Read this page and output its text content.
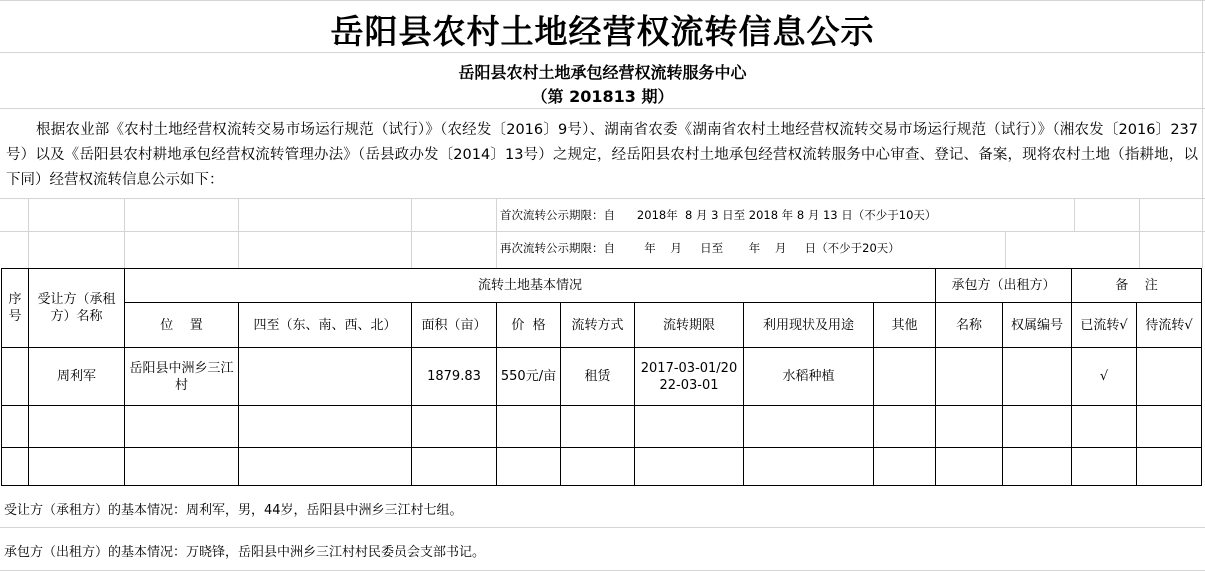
岳阳县农村土地经营权流转信息公示
岳阳县农村土地承包经营权流转服务中心
（第 201813 期）
根据农业部《农村土地经营权流转交易市场运行规范（试行）》（农经发〔2016〕9号）、湖南省农委《湖南省农村土地经营权流转交易市场运行规范（试行）》（湘农发〔2016〕237号）以及《岳阳县农村耕地承包经营权流转管理办法》（岳县政办发〔2014〕13号）之规定，经岳阳县农村土地承包经营权流转服务中心审查、登记、备案，现将农村土地（指耕地，以下同）经营权流转信息公示如下：
首次流转公示期限：自      2018年  8 月 3 日至 2018 年 8 月 13 日（不少于10天）
再次流转公示期限：自        年    月     日至       年    月     日（不少于20天）
序号	受让方（承租方）名称	流转土地基本情况								承包方（出租方）		备    注	
		位    置	四至（东、南、西、北）	面积（亩）	价  格	流转方式	流转期限	利用现状及用途	其他	名称	权属编号	已流转√	待流转√
	周利军	岳阳县中洲乡三江村		1879.83	550元/亩	租赁	2017-03-01/2022-03-01	水稻种植				√	

受让方（承租方）的基本情况：周利军，男，44岁，岳阳县中洲乡三江村七组。
承包方（出租方）的基本情况：万晓锋，岳阳县中洲乡三江村村民委员会支部书记。
